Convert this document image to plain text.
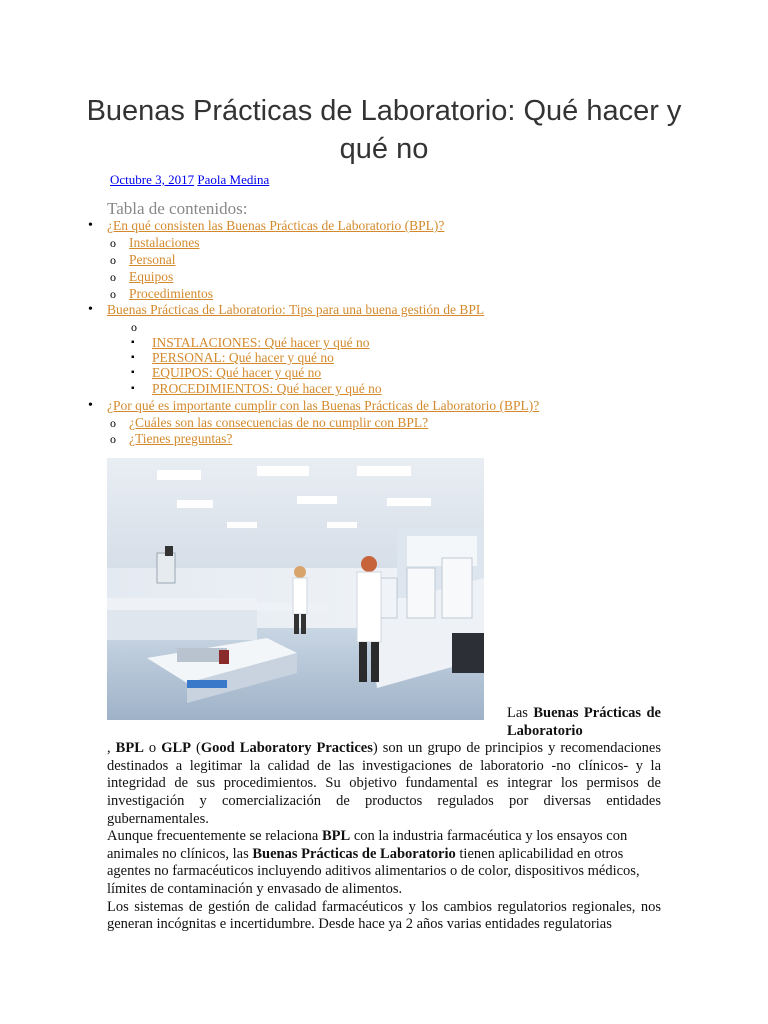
Buenas Prácticas de Laboratorio: Qué hacer y qué no
Octubre 3, 2017 Paola Medina
Tabla de contenidos:
• ¿En qué consisten las Buenas Prácticas de Laboratorio (BPL)?
o Instalaciones
o Personal
o Equipos
o Procedimientos
• Buenas Prácticas de Laboratorio: Tips para una buena gestión de BPL
o
▪ INSTALACIONES: Qué hacer y qué no
▪ PERSONAL: Qué hacer y qué no
▪ EQUIPOS: Qué hacer y qué no
▪ PROCEDIMIENTOS: Qué hacer y qué no
• ¿Por qué es importante cumplir con las Buenas Prácticas de Laboratorio (BPL)?
o ¿Cuáles son las consecuencias de no cumplir con BPL?
o ¿Tienes preguntas?

Las Buenas Prácticas de Laboratorio

, BPL o GLP (Good Laboratory Practices) son un grupo de principios y recomendaciones destinados a legitimar la calidad de las investigaciones de laboratorio -no clínicos- y la integridad de sus procedimientos. Su objetivo fundamental es integrar los permisos de investigación y comercialización de productos regulados por diversas entidades gubernamentales.

Aunque frecuentemente se relaciona BPL con la industria farmacéutica y los ensayos con animales no clínicos, las Buenas Prácticas de Laboratorio tienen aplicabilidad en otros agentes no farmacéuticos incluyendo aditivos alimentarios o de color, dispositivos médicos, límites de contaminación y envasado de alimentos.

Los sistemas de gestión de calidad farmacéuticos y los cambios regulatorios regionales, nos generan incógnitas e incertidumbre. Desde hace ya 2 años varias entidades regulatorias
